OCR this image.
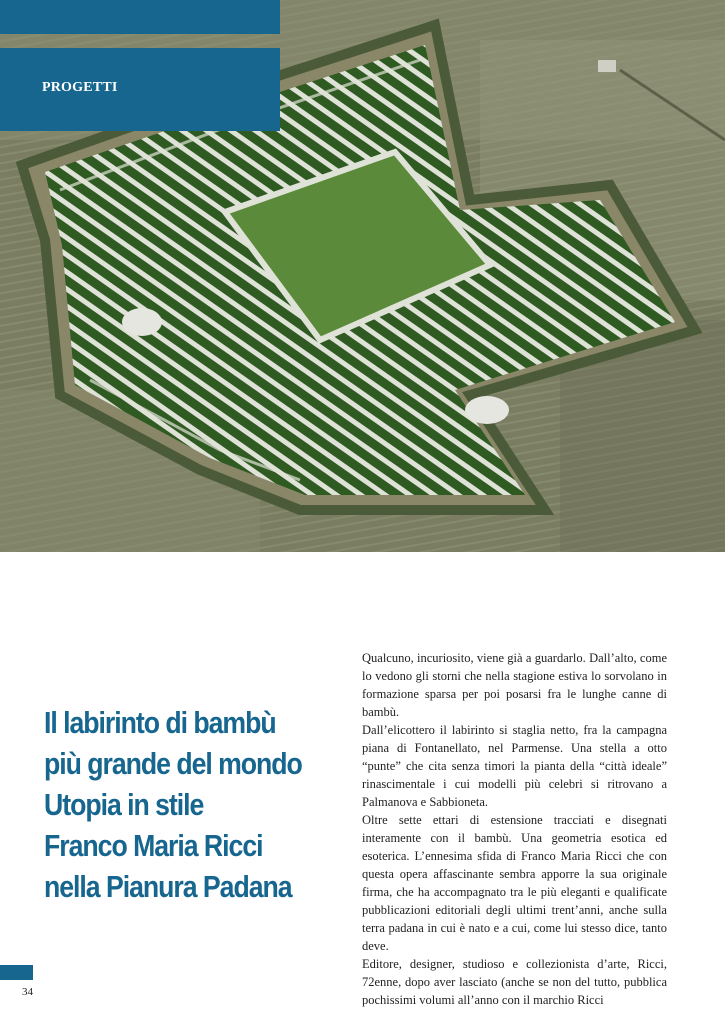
PROGETTI
Il labirinto di bambù
più grande del mondo
Utopia in stile
Franco Maria Ricci
nella Pianura Padana

Qualcuno, incuriosito, viene già a guardarlo. Dall’alto, come lo vedono gli storni che nella stagione estiva lo sorvolano in formazione sparsa per poi posarsi fra le lunghe canne di bambù.

Dall’elicottero il labirinto si staglia netto, fra la campagna piana di Fontanellato, nel Parmense. Una stella a otto “punte” che cita senza timori la pianta della “città ideale” rinascimentale i cui modelli più celebri si ritrovano a Palmanova e Sabbioneta.

Oltre sette ettari di estensione tracciati e disegnati interamente con il bambù. Una geometria esotica ed esoterica. L’ennesima sfida di Franco Maria Ricci che con questa opera affascinante sembra apporre la sua originale firma, che ha accompagnato tra le più eleganti e qualificate pubblicazioni editoriali degli ultimi trent’anni, anche sulla terra padana in cui è nato e a cui, come lui stesso dice, tanto deve.

Editore, designer, studioso e collezionista d’arte, Ricci, 72enne, dopo aver lasciato (anche se non del tutto, pubblica pochissimi volumi all’anno con il marchio Ricci

34
